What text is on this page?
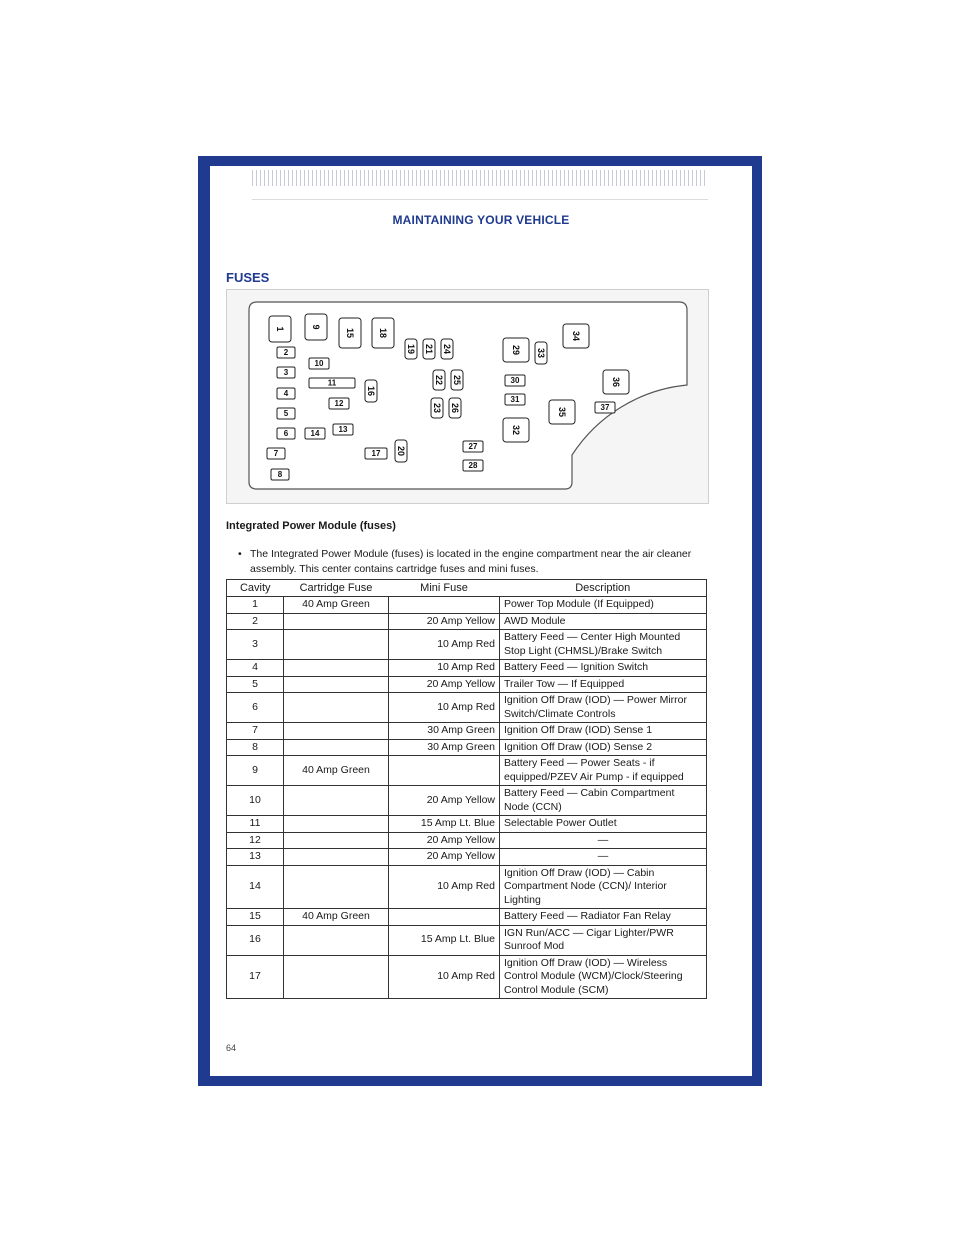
MAINTAINING YOUR VEHICLE
FUSES
1
2
3
4
5
6
7
8
9
10
11
12
13
14
15
16
17
18
19
20
21
22
23
24
25
26
27
28
29
30
31
32
33
34
35
36
37
Integrated Power Module (fuses)
• The Integrated Power Module (fuses) is located in the engine compartment near the air cleaner assembly. This center contains cartridge fuses and mini fuses.
Cavity	Cartridge Fuse	Mini Fuse	Description
1	40 Amp Green		Power Top Module (If Equipped)
2		20 Amp Yellow	AWD Module
3		10 Amp Red	Battery Feed — Center High Mounted Stop Light (CHMSL)/Brake Switch
4		10 Amp Red	Battery Feed — Ignition Switch
5		20 Amp Yellow	Trailer Tow — If Equipped
6		10 Amp Red	Ignition Off Draw (IOD) — Power Mirror Switch/Climate Controls
7		30 Amp Green	Ignition Off Draw (IOD) Sense 1
8		30 Amp Green	Ignition Off Draw (IOD) Sense 2
9	40 Amp Green		Battery Feed — Power Seats - if equipped/PZEV Air Pump - if equipped
10		20 Amp Yellow	Battery Feed — Cabin Compartment Node (CCN)
11		15 Amp Lt. Blue	Selectable Power Outlet
12		20 Amp Yellow	—
13		20 Amp Yellow	—
14		10 Amp Red	Ignition Off Draw (IOD) — Cabin Compartment Node (CCN)/ Interior Lighting
15	40 Amp Green		Battery Feed — Radiator Fan Relay
16		15 Amp Lt. Blue	IGN Run/ACC — Cigar Lighter/PWR Sunroof Mod
17		10 Amp Red	Ignition Off Draw (IOD) — Wireless Control Module (WCM)/Clock/Steering Control Module (SCM)
64
